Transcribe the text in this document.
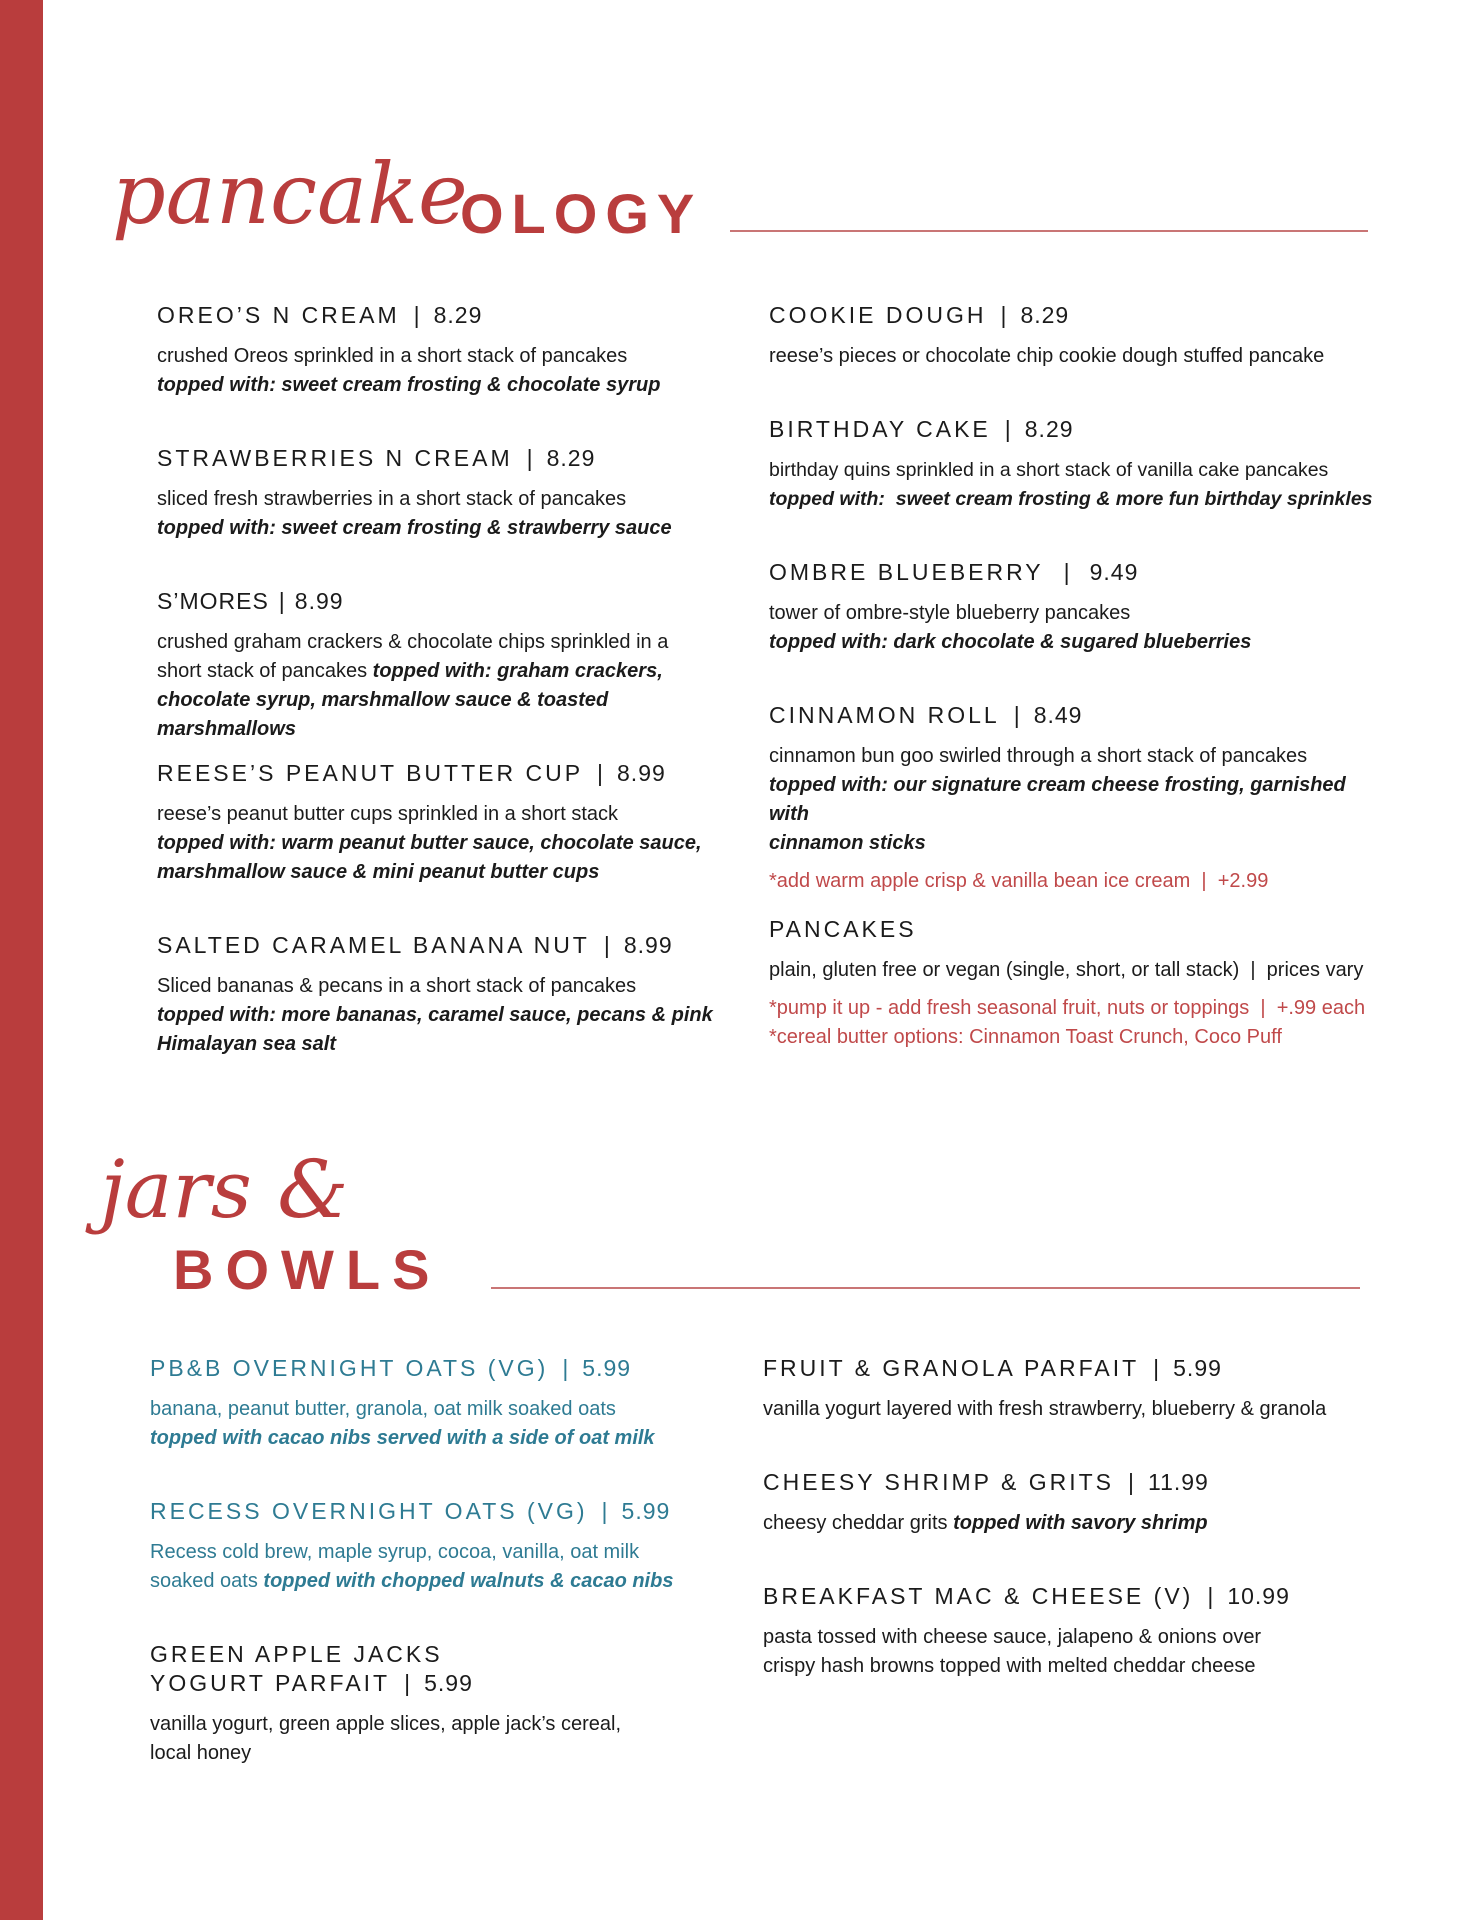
pancake
OLOGY
jars &
BOWLS
OREO’S N CREAM | 8.29
crushed Oreos sprinkled in a short stack of pancakes
topped with: sweet cream frosting & chocolate syrup
STRAWBERRIES N CREAM | 8.29
sliced fresh strawberries in a short stack of pancakes
topped with: sweet cream frosting & strawberry sauce
S’MORES | 8.99
crushed graham crackers & chocolate chips sprinkled in a
short stack of pancakes topped with: graham crackers,
chocolate syrup, marshmallow sauce & toasted marshmallows
REESE’S PEANUT BUTTER CUP | 8.99
reese’s peanut butter cups sprinkled in a short stack
topped with: warm peanut butter sauce, chocolate sauce,
marshmallow sauce & mini peanut butter cups
SALTED CARAMEL BANANA NUT | 8.99
Sliced bananas & pecans in a short stack of pancakes
topped with: more bananas, caramel sauce, pecans & pink
Himalayan sea salt
COOKIE DOUGH | 8.29
reese’s pieces or chocolate chip cookie dough stuffed pancake
BIRTHDAY CAKE | 8.29
birthday quins sprinkled in a short stack of vanilla cake pancakes
topped with:  sweet cream frosting & more fun birthday sprinkles
OMBRE BLUEBERRY | 9.49
tower of ombre-style blueberry pancakes
topped with: dark chocolate & sugared blueberries
CINNAMON ROLL | 8.49
cinnamon bun goo swirled through a short stack of pancakes
topped with: our signature cream cheese frosting, garnished with
cinnamon sticks
*add warm apple crisp & vanilla bean ice cream  |  +2.99
PANCAKES
plain, gluten free or vegan (single, short, or tall stack)  |  prices vary
*pump it up - add fresh seasonal fruit, nuts or toppings  |  +.99 each
*cereal butter options: Cinnamon Toast Crunch, Coco Puff
PB&B OVERNIGHT OATS (VG) | 5.99
banana, peanut butter, granola, oat milk soaked oats
topped with cacao nibs served with a side of oat milk
RECESS OVERNIGHT OATS (VG) | 5.99
Recess cold brew, maple syrup, cocoa, vanilla, oat milk
soaked oats topped with chopped walnuts & cacao nibs
GREEN APPLE JACKS
YOGURT PARFAIT | 5.99
vanilla yogurt, green apple slices, apple jack’s cereal,
local honey
FRUIT & GRANOLA PARFAIT | 5.99
vanilla yogurt layered with fresh strawberry, blueberry & granola
CHEESY SHRIMP & GRITS | 11.99
cheesy cheddar grits topped with savory shrimp
BREAKFAST MAC & CHEESE (V) | 10.99
pasta tossed with cheese sauce, jalapeno & onions over
crispy hash browns topped with melted cheddar cheese
